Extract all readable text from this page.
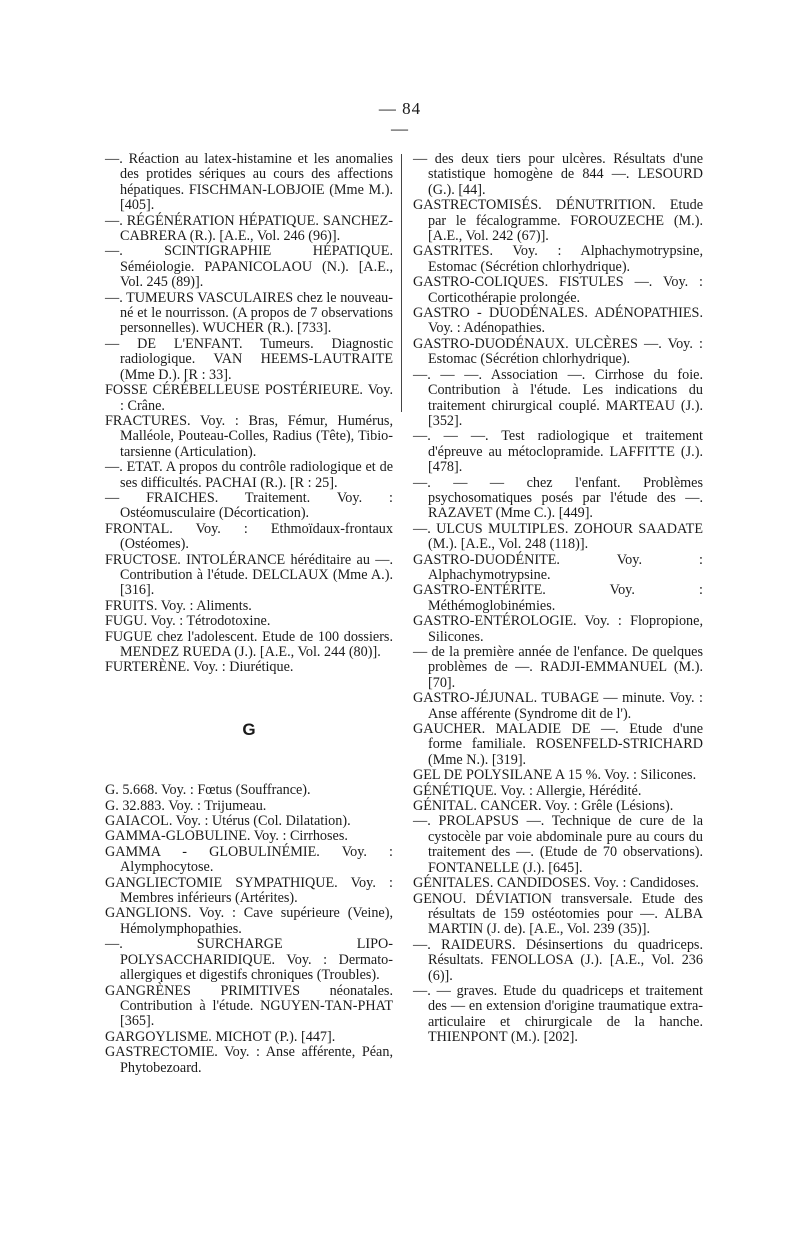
— 84 —

—. Réaction au latex-histamine et les anomalies des protides sériques au cours des affections hépatiques. FISCHMAN-LOBJOIE (Mme M.). [405].

—. RÉGÉNÉRATION HÉPATIQUE. SANCHEZ-CABRERA (R.). [A.E., Vol. 246 (96)].

—. SCINTIGRAPHIE HÉPATIQUE. Séméiologie. PAPANICOLAOU (N.). [A.E., Vol. 245 (89)].

—. TUMEURS VASCULAIRES chez le nouveau-né et le nourrisson. (A propos de 7 observations personnelles). WUCHER (R.). [733].

— DE L'ENFANT. Tumeurs. Diagnostic radiologique. VAN HEEMS-LAUTRAITE (Mme D.). [R : 33].

FOSSE CÉRÉBELLEUSE POSTÉRIEURE. Voy. : Crâne.

FRACTURES. Voy. : Bras, Fémur, Humérus, Malléole, Pouteau-Colles, Radius (Tête), Tibio-tarsienne (Articulation).

—. ETAT. A propos du contrôle radiologique et de ses difficultés. PACHAI (R.). [R : 25].

— FRAICHES. Traitement. Voy. : Ostéomusculaire (Décortication).

FRONTAL. Voy. : Ethmoïdaux-frontaux (Ostéomes).

FRUCTOSE. INTOLÉRANCE héréditaire au —. Contribution à l'étude. DELCLAUX (Mme A.). [316].

FRUITS. Voy. : Aliments.

FUGU. Voy. : Tétrodotoxine.

FUGUE chez l'adolescent. Etude de 100 dossiers. MENDEZ RUEDA (J.). [A.E., Vol. 244 (80)].

FURTERÈNE. Voy. : Diurétique.

G

G. 5.668. Voy. : Fœtus (Souffrance).

G. 32.883. Voy. : Trijumeau.

GAIACOL. Voy. : Utérus (Col. Dilatation).

GAMMA-GLOBULINE. Voy. : Cirrhoses.

GAMMA - GLOBULINÉMIE. Voy. : Alymphocytose.

GANGLIECTOMIE SYMPATHIQUE. Voy. : Membres inférieurs (Artérites).

GANGLIONS. Voy. : Cave supérieure (Veine), Hémolymphopathies.

—. SURCHARGE LIPO-POLYSACCHARIDIQUE. Voy. : Dermato-allergiques et digestifs chroniques (Troubles).

GANGRÈNES PRIMITIVES néonatales. Contribution à l'étude. NGUYEN-TAN-PHAT [365].

GARGOYLISME. MICHOT (P.). [447].

GASTRECTOMIE. Voy. : Anse afférente, Péan, Phytobezoard.

— des deux tiers pour ulcères. Résultats d'une statistique homogène de 844 —. LESOURD (G.). [44].

GASTRECTOMISÉS. DÉNUTRITION. Etude par le fécalogramme. FOROUZECHE (M.). [A.E., Vol. 242 (67)].

GASTRITES. Voy. : Alphachymotrypsine, Estomac (Sécrétion chlorhydrique).

GASTRO-COLIQUES. FISTULES —. Voy. : Corticothérapie prolongée.

GASTRO - DUODÉNALES. ADÉNOPATHIES. Voy. : Adénopathies.

GASTRO-DUODÉNAUX. ULCÈRES —. Voy. : Estomac (Sécrétion chlorhydrique).

—. — —. Association —. Cirrhose du foie. Contribution à l'étude. Les indications du traitement chirurgical couplé. MARTEAU (J.). [352].

—. — —. Test radiologique et traitement d'épreuve au métoclopramide. LAFFITTE (J.). [478].

—. — — chez l'enfant. Problèmes psychosomatiques posés par l'étude des —. RAZAVET (Mme C.). [449].

—. ULCUS MULTIPLES. ZOHOUR SAADATE (M.). [A.E., Vol. 248 (118)].

GASTRO-DUODÉNITE. Voy. : Alphachymotrypsine.

GASTRO-ENTÉRITE. Voy. : Méthémoglobinémies.

GASTRO-ENTÉROLOGIE. Voy. : Flopropione, Silicones.

— de la première année de l'enfance. De quelques problèmes de —. RADJI-EMMANUEL (M.). [70].

GASTRO-JÉJUNAL. TUBAGE — minute. Voy. : Anse afférente (Syndrome dit de l').

GAUCHER. MALADIE DE —. Etude d'une forme familiale. ROSENFELD-STRICHARD (Mme N.). [319].

GEL DE POLYSILANE A 15 %. Voy. : Silicones.

GÉNÉTIQUE. Voy. : Allergie, Hérédité.

GÉNITAL. CANCER. Voy. : Grêle (Lésions).

—. PROLAPSUS —. Technique de cure de la cystocèle par voie abdominale pure au cours du traitement des —. (Etude de 70 observations). FONTANELLE (J.). [645].

GÉNITALES. CANDIDOSES. Voy. : Candidoses.

GENOU. DÉVIATION transversale. Etude des résultats de 159 ostéotomies pour —. ALBA MARTIN (J. de). [A.E., Vol. 239 (35)].

—. RAIDEURS. Désinsertions du quadriceps. Résultats. FENOLLOSA (J.). [A.E., Vol. 236 (6)].

—. — graves. Etude du quadriceps et traitement des — en extension d'origine traumatique extra-articulaire et chirurgicale de la hanche. THIENPONT (M.). [202].
